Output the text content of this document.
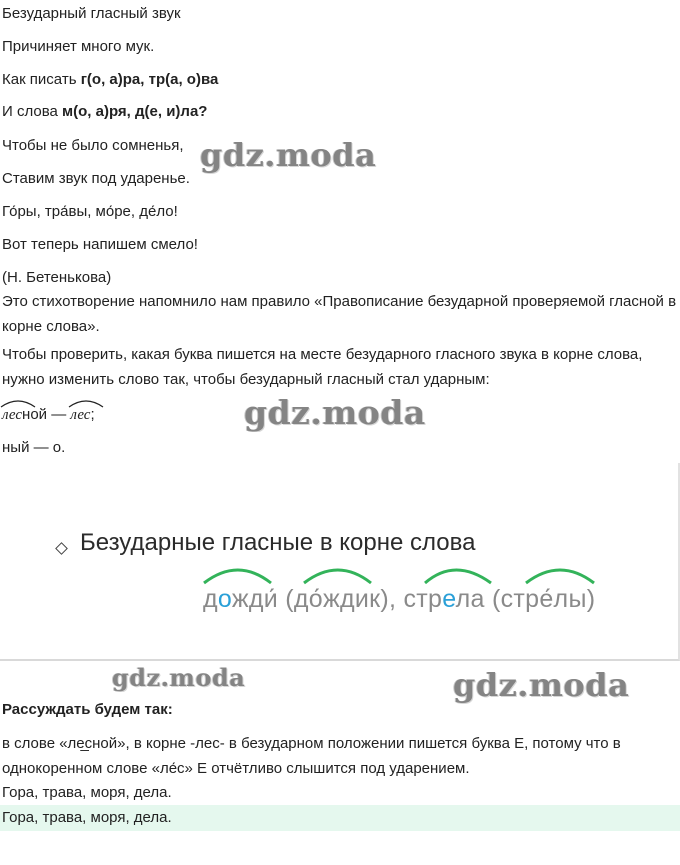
Безударный гласный звук
Причиняет много мук.
Как писать г(о, а)ра, тр(а, о)ва
И слова м(о, а)ря, д(е, и)ла?
Чтобы не было сомненья,
Ставим звук под ударенье.
Го́ры, тра́вы, мо́ре, де́ло!
Вот теперь напишем смело!
(Н. Бетенькова)
Это стихотворение напомнило нам правило «Правописание безударной проверяемой гласной в корне слова».
Чтобы проверить, какая буква пишется на месте безударного гласного звука в корне слова, нужно изменить слово так, чтобы безударный гласный стал ударным:
лесной — лес;
ный — о.
Безударные гласные в корне слова
дожди́ (до́ждик), стрела (стре́лы)
Рассуждать будем так:
в слове «ле̲сной», в корне -лес- в безударном положении пишется буква Е, потому что в однокоренном слове «ле́с» Е отчётливо слышится под ударением.
Гора, трава, моря, дела.
Гора, трава, моря, дела.
gdz.moda
gdz.moda
gdz.moda	gdz.moda
